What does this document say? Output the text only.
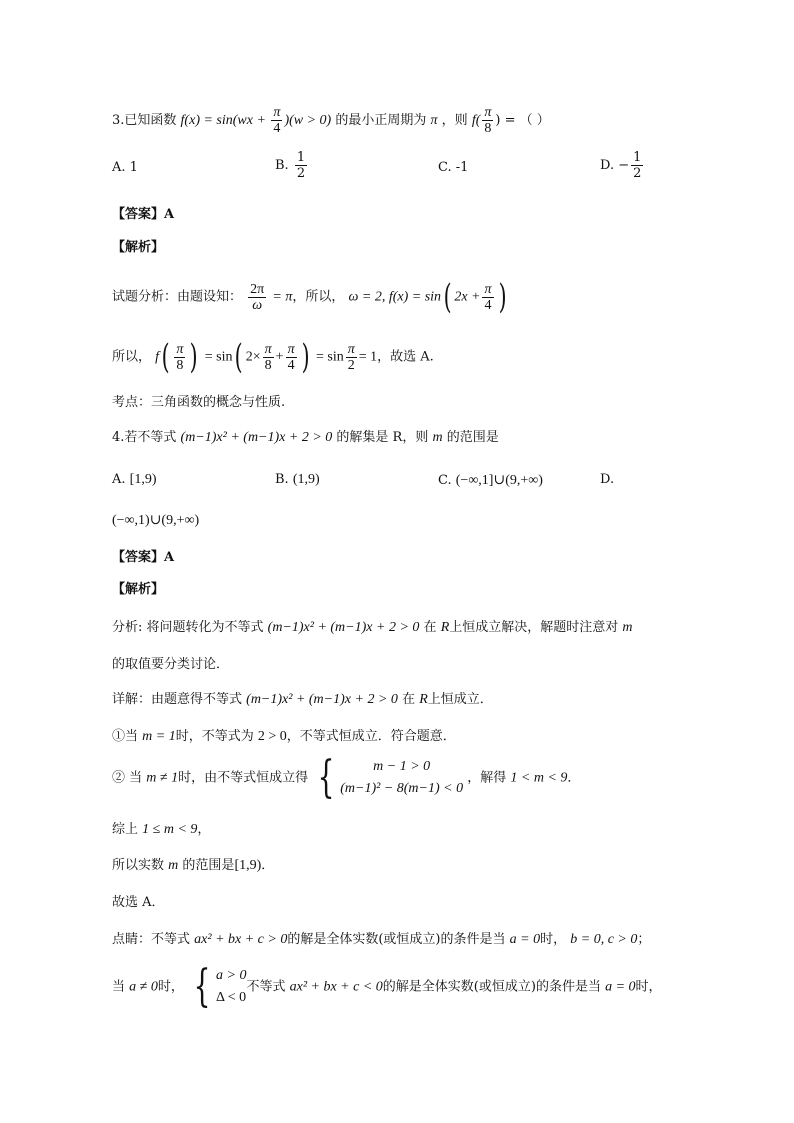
3.已知函数 $f(x) = \sin(wx + \frac{\pi}{4} )(w > 0)$ 的最小正周期为 π ，则 $f( \frac{\pi}{8}$ ) = （ ）
A. 1	B. $\frac{1}{2}$	C. -1	D. − $\frac{1}{2}$
【答案】A
【解析】
试题分析：由题设知： $\frac{2\pi}{\omega} = \pi$，所以， ω = 2, f(x) = sin( $2x + \frac{\pi}{4}$ )
所以， $f( \frac{\pi}{8}$ ) = sin( $2\times \frac{\pi}{8} + \frac{\pi}{4}$ ) = $\sin \frac{\pi}{2} = 1$，故选 A.
考点：三角函数的概念与性质.
4.若不等式 (m−1)x² + (m−1)x + 2 > 0 的解集是 R，则 m 的范围是
A. [1,9)	B. (1,9)	C. (−∞,1]∪(9,+∞)	D.
(−∞,1)∪(9,+∞)
【答案】A
【解析】
分析: 将问题转化为不等式 (m−1)x² + (m−1)x + 2 > 0 在 R上恒成立解决，解题时注意对 m
的取值要分类讨论．
详解：由题意得不等式 (m−1)x² + (m−1)x + 2 > 0 在 R上恒成立．
①当 m = 1时，不等式为 2 > 0，不等式恒成立．符合题意．
② 当 m ≠ 1时，由不等式恒成立得 {	m − 1 > 0
(m−1)² − 8(m−1) < 0
，解得 1 < m < 9．
综上 1 ≤ m < 9，
所以实数 m 的范围是[1,9)．
故选 A．
点睛：不等式 ax² + bx + c > 0的解是全体实数(或恒成立)的条件是当 a = 0时， b = 0, c > 0；
当 a ≠ 0时， { a > 0
Δ < 0
不等式 ax² + bx + c < 0的解是全体实数(或恒成立)的条件是当 a = 0时，
